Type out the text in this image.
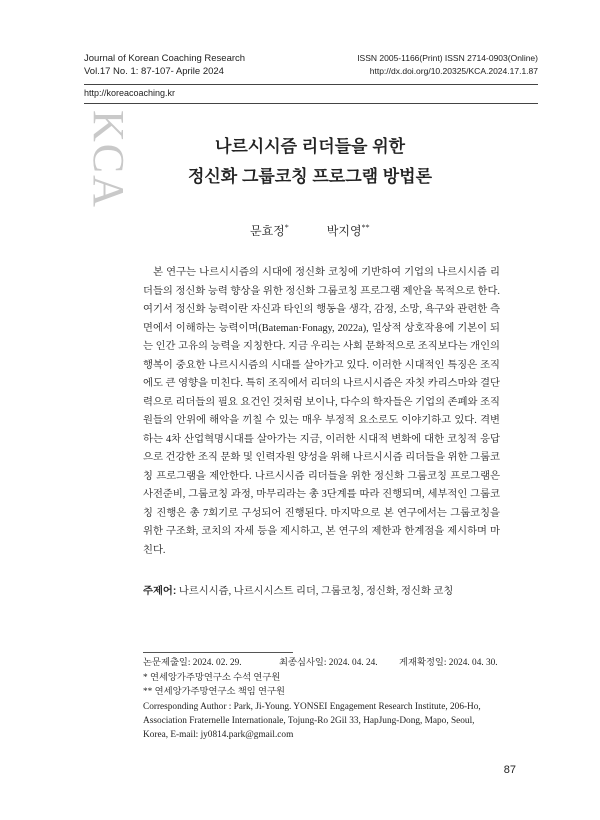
Journal of Korean Coaching Research
Vol.17 No. 1: 87-107- Aprile 2024
ISSN 2005-1166(Print) ISSN 2714-0903(Online)
http://dx.doi.org/10.20325/KCA.2024.17.1.87
http://koreacoaching.kr
KCA	나르시시즘 리더들을 위한
정신화 그룹코칭 프로그램 방법론
문효정*	박지영**

본 연구는 나르시시즘의 시대에 정신화 코칭에 기반하여 기업의 나르시시즘 리더들의 정신화 능력 향상을 위한 정신화 그룹코칭 프로그램 제안을 목적으로 한다. 여기서 정신화 능력이란 자신과 타인의 행동을 생각, 감정, 소망, 욕구와 관련한 측면에서 이해하는 능력이며(Bateman·Fonagy, 2022a), 일상적 상호작용에 기본이 되는 인간 고유의 능력을 지칭한다. 지금 우리는 사회 문화적으로 조직보다는 개인의 행복이 중요한 나르시시즘의 시대를 살아가고 있다. 이러한 시대적인 특징은 조직에도 큰 영향을 미친다. 특히 조직에서 리더의 나르시시즘은 자칫 카리스마와 결단력으로 리더들의 필요 요건인 것처럼 보이나, 다수의 학자들은 기업의 존폐와 조직원들의 안위에 해악을 끼칠 수 있는 매우 부정적 요소로도 이야기하고 있다. 격변하는 4차 산업혁명시대를 살아가는 지금, 이러한 시대적 변화에 대한 코칭적 응답으로 건강한 조직 문화 및 인력자원 양성을 위해 나르시시즘 리더들을 위한 그룹코칭 프로그램을 제안한다. 나르시시즘 리더들을 위한 정신화 그룹코칭 프로그램은 사전준비, 그룹코칭 과정, 마무리라는 총 3단계를 따라 진행되며, 세부적인 그룹코칭 진행은 총 7회기로 구성되어 진행된다. 마지막으로 본 연구에서는 그룹코칭을 위한 구조화, 코치의 자세 등을 제시하고, 본 연구의 제한과 한계점을 제시하며 마친다.

주제어: 나르시시즘, 나르시시스트 리더, 그룹코칭, 정신화, 정신화 코칭
논문제출일: 2024. 02. 29.	최종심사일: 2024. 04. 24. 게재확정일: 2024. 04. 30.
* 연세앙가주망연구소 수석 연구원
** 연세앙가주망연구소 책임 연구원
Corresponding Author : Park, Ji-Young. YONSEI Engagement Research Institute, 206-Ho, Association Fraternelle Internationale, Tojung-Ro 2Gil 33, HapJung-Dong, Mapo, Seoul, Korea, E-mail: jy0814.park@gmail.com
87
